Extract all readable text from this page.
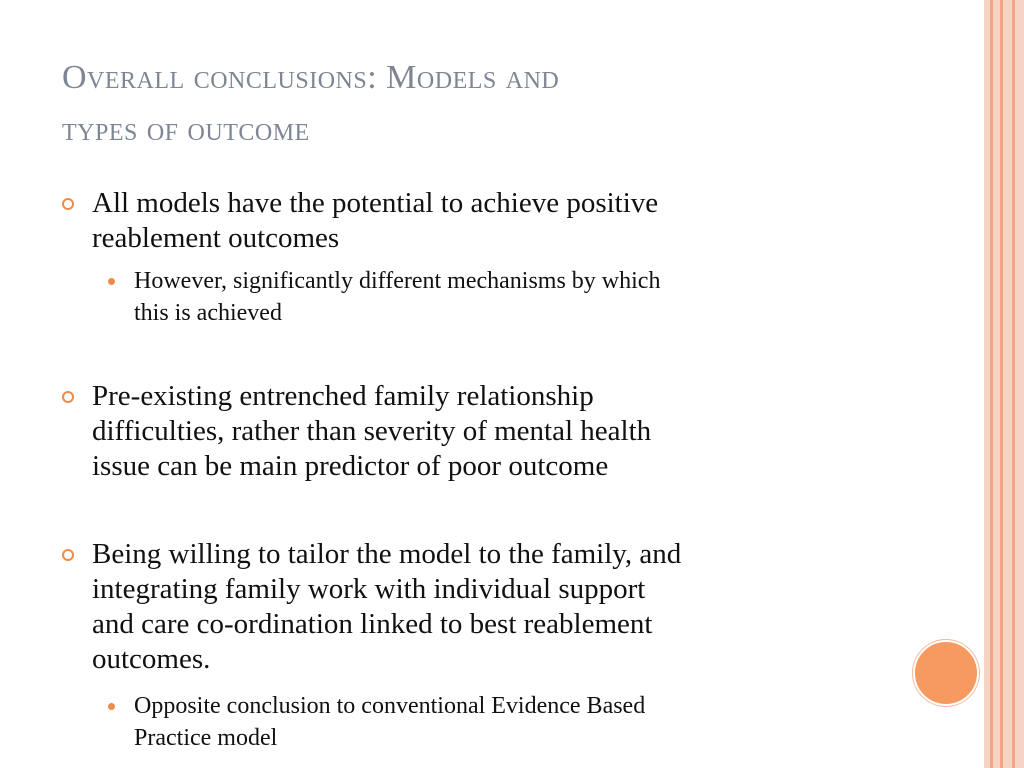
Overall conclusions: Models and
types of outcome
All models have the potential to achieve positive
reablement outcomes
However, significantly different mechanisms by which
this is achieved
Pre-existing entrenched family relationship
difficulties, rather than severity of mental health
issue can be main predictor of poor outcome
Being willing to tailor the model to the family, and
integrating family work with individual support
and care co-ordination linked to best reablement
outcomes.
Opposite conclusion to conventional Evidence Based
Practice model
